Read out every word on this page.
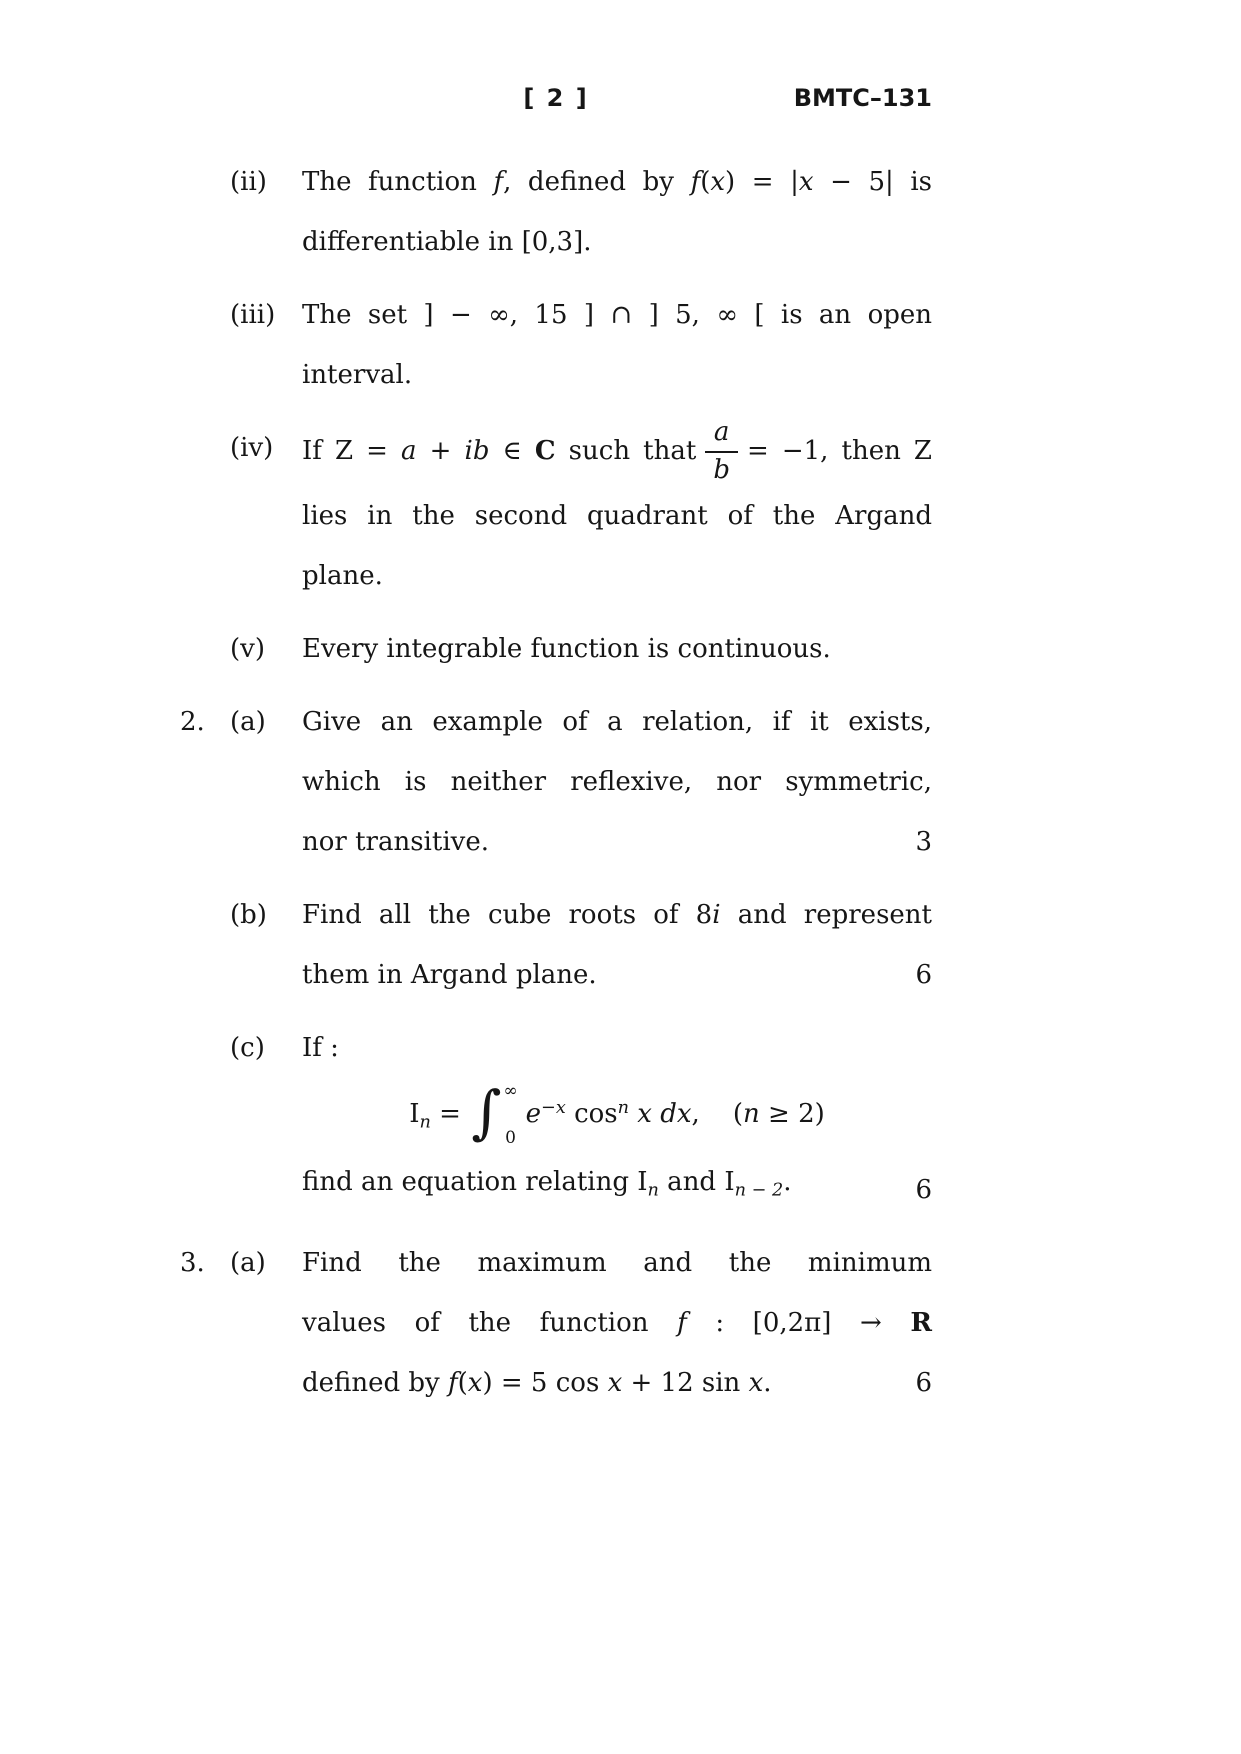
[ 2 ]	BMTC–131
(ii)	The function f, defined by f(x) = |x − 5| is
differentiable in [0,3].
(iii)	The set ] − ∞, 15 ] ∩ ] 5, ∞ [ is an open
interval.
(iv)	If Z = a + ib ∈ C such that $\frac{a}{b} = -1$, then Z
lies in the second quadrant of the Argand
plane.
(v)	Every integrable function is continuous.
2. (a)	Give an example of a relation, if it exists,
which is neither reflexive, nor symmetric,
nor transitive.	3
(b)	Find all the cube roots of 8i and represent
them in Argand plane.	6
(c)	If :
$I_n$ = ∫ ∞
0
$e^{-x}$ $\cos^n x$ dx,    (n ≥ 2)
find an equation relating $I_n$ and $I_{n - 2}$.	6
3. (a)	Find the maximum and the minimum
values of the function f : [0,2π] → R
defined by f(x) = 5 cos x + 12 sin x.	6
